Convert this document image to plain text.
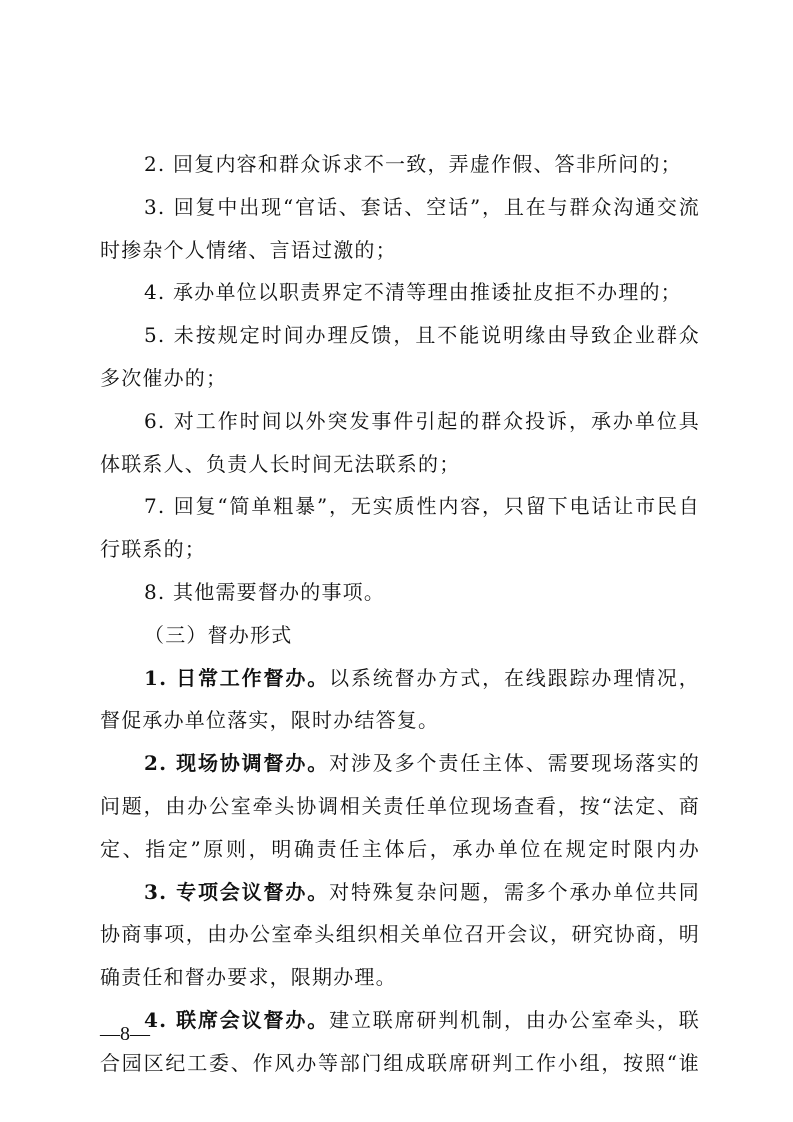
2. 回复内容和群众诉求不一致，弄虚作假、答非所问的；
3. 回复中出现“官话、套话、空话”，且在与群众沟通交流
时掺杂个人情绪、言语过激的；
4. 承办单位以职责界定不清等理由推诿扯皮拒不办理的；
5. 未按规定时间办理反馈，且不能说明缘由导致企业群众
多次催办的；
6. 对工作时间以外突发事件引起的群众投诉，承办单位具
体联系人、负责人长时间无法联系的；
7. 回复“简单粗暴”，无实质性内容，只留下电话让市民自
行联系的；
8. 其他需要督办的事项。
（三）督办形式
1. 日常工作督办。以系统督办方式，在线跟踪办理情况，
督促承办单位落实，限时办结答复。
2. 现场协调督办。对涉及多个责任主体、需要现场落实的
问题，由办公室牵头协调相关责任单位现场查看，按“法定、商
定、指定”原则，明确责任主体后，承办单位在规定时限内办
3. 专项会议督办。对特殊复杂问题，需多个承办单位共同
协商事项，由办公室牵头组织相关单位召开会议，研究协商，明
确责任和督办要求，限期办理。
4. 联席会议督办。建立联席研判机制，由办公室牵头，联
合园区纪工委、作风办等部门组成联席研判工作小组，按照“谁
—8—
